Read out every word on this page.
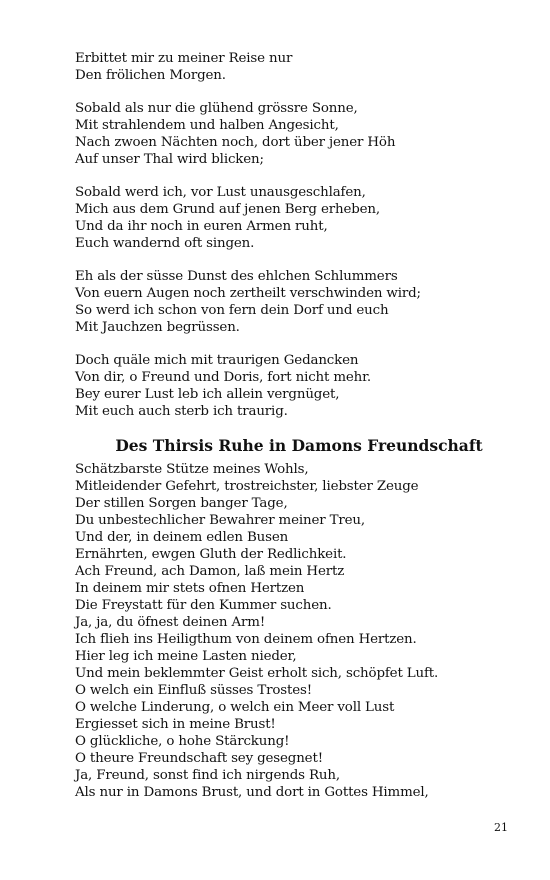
Erbittet mir zu meiner Reise nur
Den frölichen Morgen.
Sobald als nur die glühend grössre Sonne,
Mit strahlendem und halben Angesicht,
Nach zwoen Nächten noch, dort über jener Höh
Auf unser Thal wird blicken;
Sobald werd ich, vor Lust unausgeschlafen,
Mich aus dem Grund auf jenen Berg erheben,
Und da ihr noch in euren Armen ruht,
Euch wandernd oft singen.
Eh als der süsse Dunst des ehlchen Schlummers
Von euern Augen noch zertheilt verschwinden wird;
So werd ich schon von fern dein Dorf und euch
Mit Jauchzen begrüssen.
Doch quäle mich mit traurigen Gedancken
Von dir, o Freund und Doris, fort nicht mehr.
Bey eurer Lust leb ich allein vergnüget,
Mit euch auch sterb ich traurig.
Des Thirsis Ruhe in Damons Freundschaft
Schätzbarste Stütze meines Wohls,
Mitleidender Gefehrt, trostreichster, liebster Zeuge
Der stillen Sorgen banger Tage,
Du unbestechlicher Bewahrer meiner Treu,
Und der, in deinem edlen Busen
Ernährten, ewgen Gluth der Redlichkeit.
Ach Freund, ach Damon, laß mein Hertz
In deinem mir stets ofnen Hertzen
Die Freystatt für den Kummer suchen.
Ja, ja, du öfnest deinen Arm!
Ich flieh ins Heiligthum von deinem ofnen Hertzen.
Hier leg ich meine Lasten nieder,
Und mein beklemmter Geist erholt sich, schöpfet Luft.
O welch ein Einfluß süsses Trostes!
O welche Linderung, o welch ein Meer voll Lust
Ergiesset sich in meine Brust!
O glückliche, o hohe Stärckung!
O theure Freundschaft sey gesegnet!
Ja, Freund, sonst find ich nirgends Ruh,
Als nur in Damons Brust, und dort in Gottes Himmel,
21
